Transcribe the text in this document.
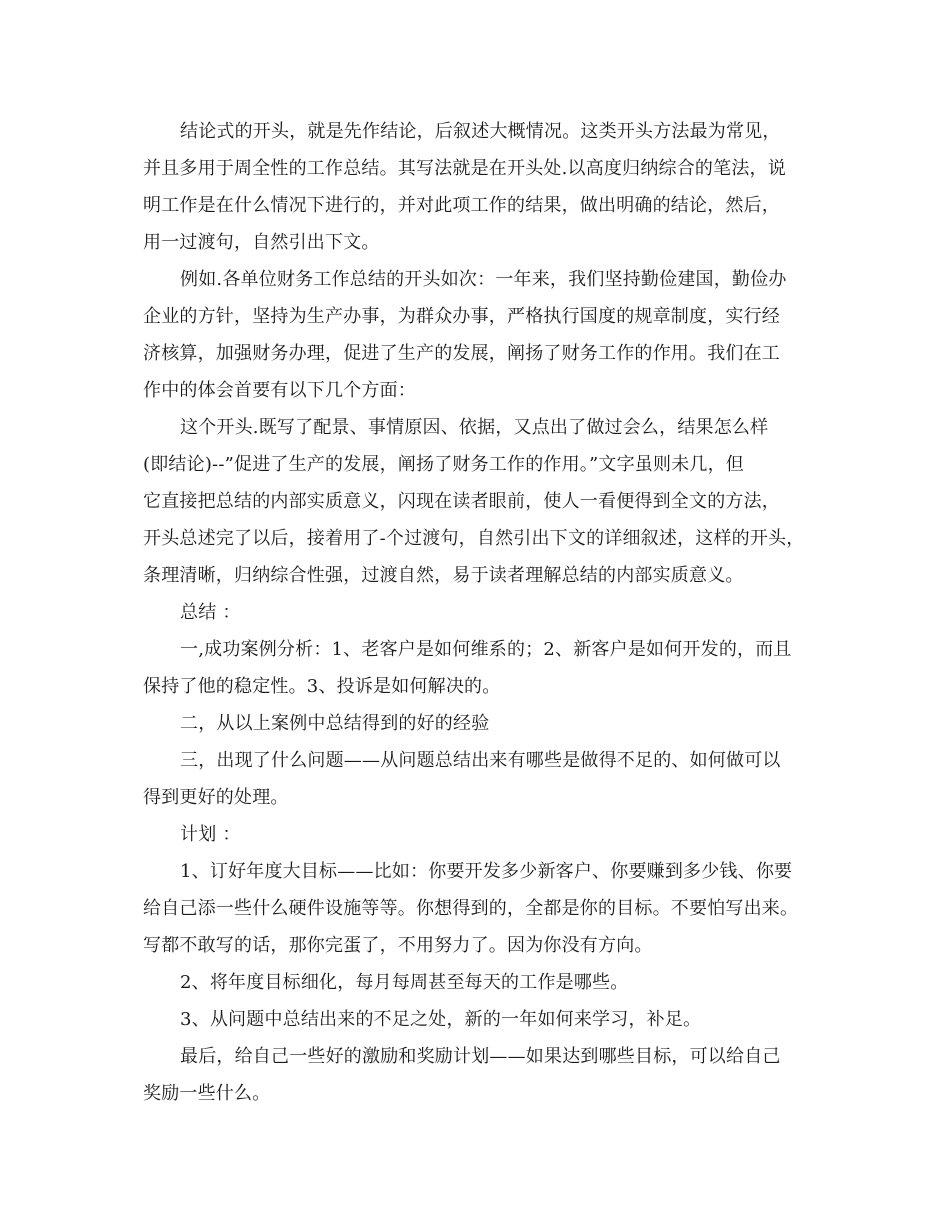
结论式的开头，就是先作结论，后叙述大概情况。这类开头方法最为常见，
并且多用于周全性的工作总结。其写法就是在开头处.以高度归纳综合的笔法，说
明工作是在什么情况下进行的，并对此项工作的结果，做出明确的结论，然后，
用一过渡句，自然引出下文。
例如.各单位财务工作总结的开头如次：一年来，我们坚持勤俭建国，勤俭办
企业的方针，坚持为生产办事，为群众办事，严格执行国度的规章制度，实行经
济核算，加强财务办理，促进了生产的发展，阐扬了财务工作的作用。我们在工
作中的体会首要有以下几个方面：
这个开头.既写了配景、事情原因、依据，又点出了做过会么，结果怎么样
(即结论)--”促进了生产的发展，阐扬了财务工作的作用。”文字虽则未几，但
它直接把总结的内部实质意义，闪现在读者眼前，使人一看便得到全文的方法，
开头总述完了以后，接着用了-个过渡句，自然引出下文的详细叙述，这样的开头，
条理清晰，归纳综合性强，过渡自然，易于读者理解总结的内部实质意义。
总结 ：
一,成功案例分析：1、老客户是如何维系的；2、新客户是如何开发的，而且
保持了他的稳定性。3、投诉是如何解决的。
二，从以上案例中总结得到的好的经验
三，出现了什么问题——从问题总结出来有哪些是做得不足的、如何做可以
得到更好的处理。
计划 ：
1、订好年度大目标——比如：你要开发多少新客户、你要赚到多少钱、你要
给自己添一些什么硬件设施等等。你想得到的，全都是你的目标。不要怕写出来。
写都不敢写的话，那你完蛋了，不用努力了。因为你没有方向。
2、将年度目标细化，每月每周甚至每天的工作是哪些。
3、从问题中总结出来的不足之处，新的一年如何来学习，补足。
最后，给自己一些好的激励和奖励计划——如果达到哪些目标，可以给自己
奖励一些什么。
